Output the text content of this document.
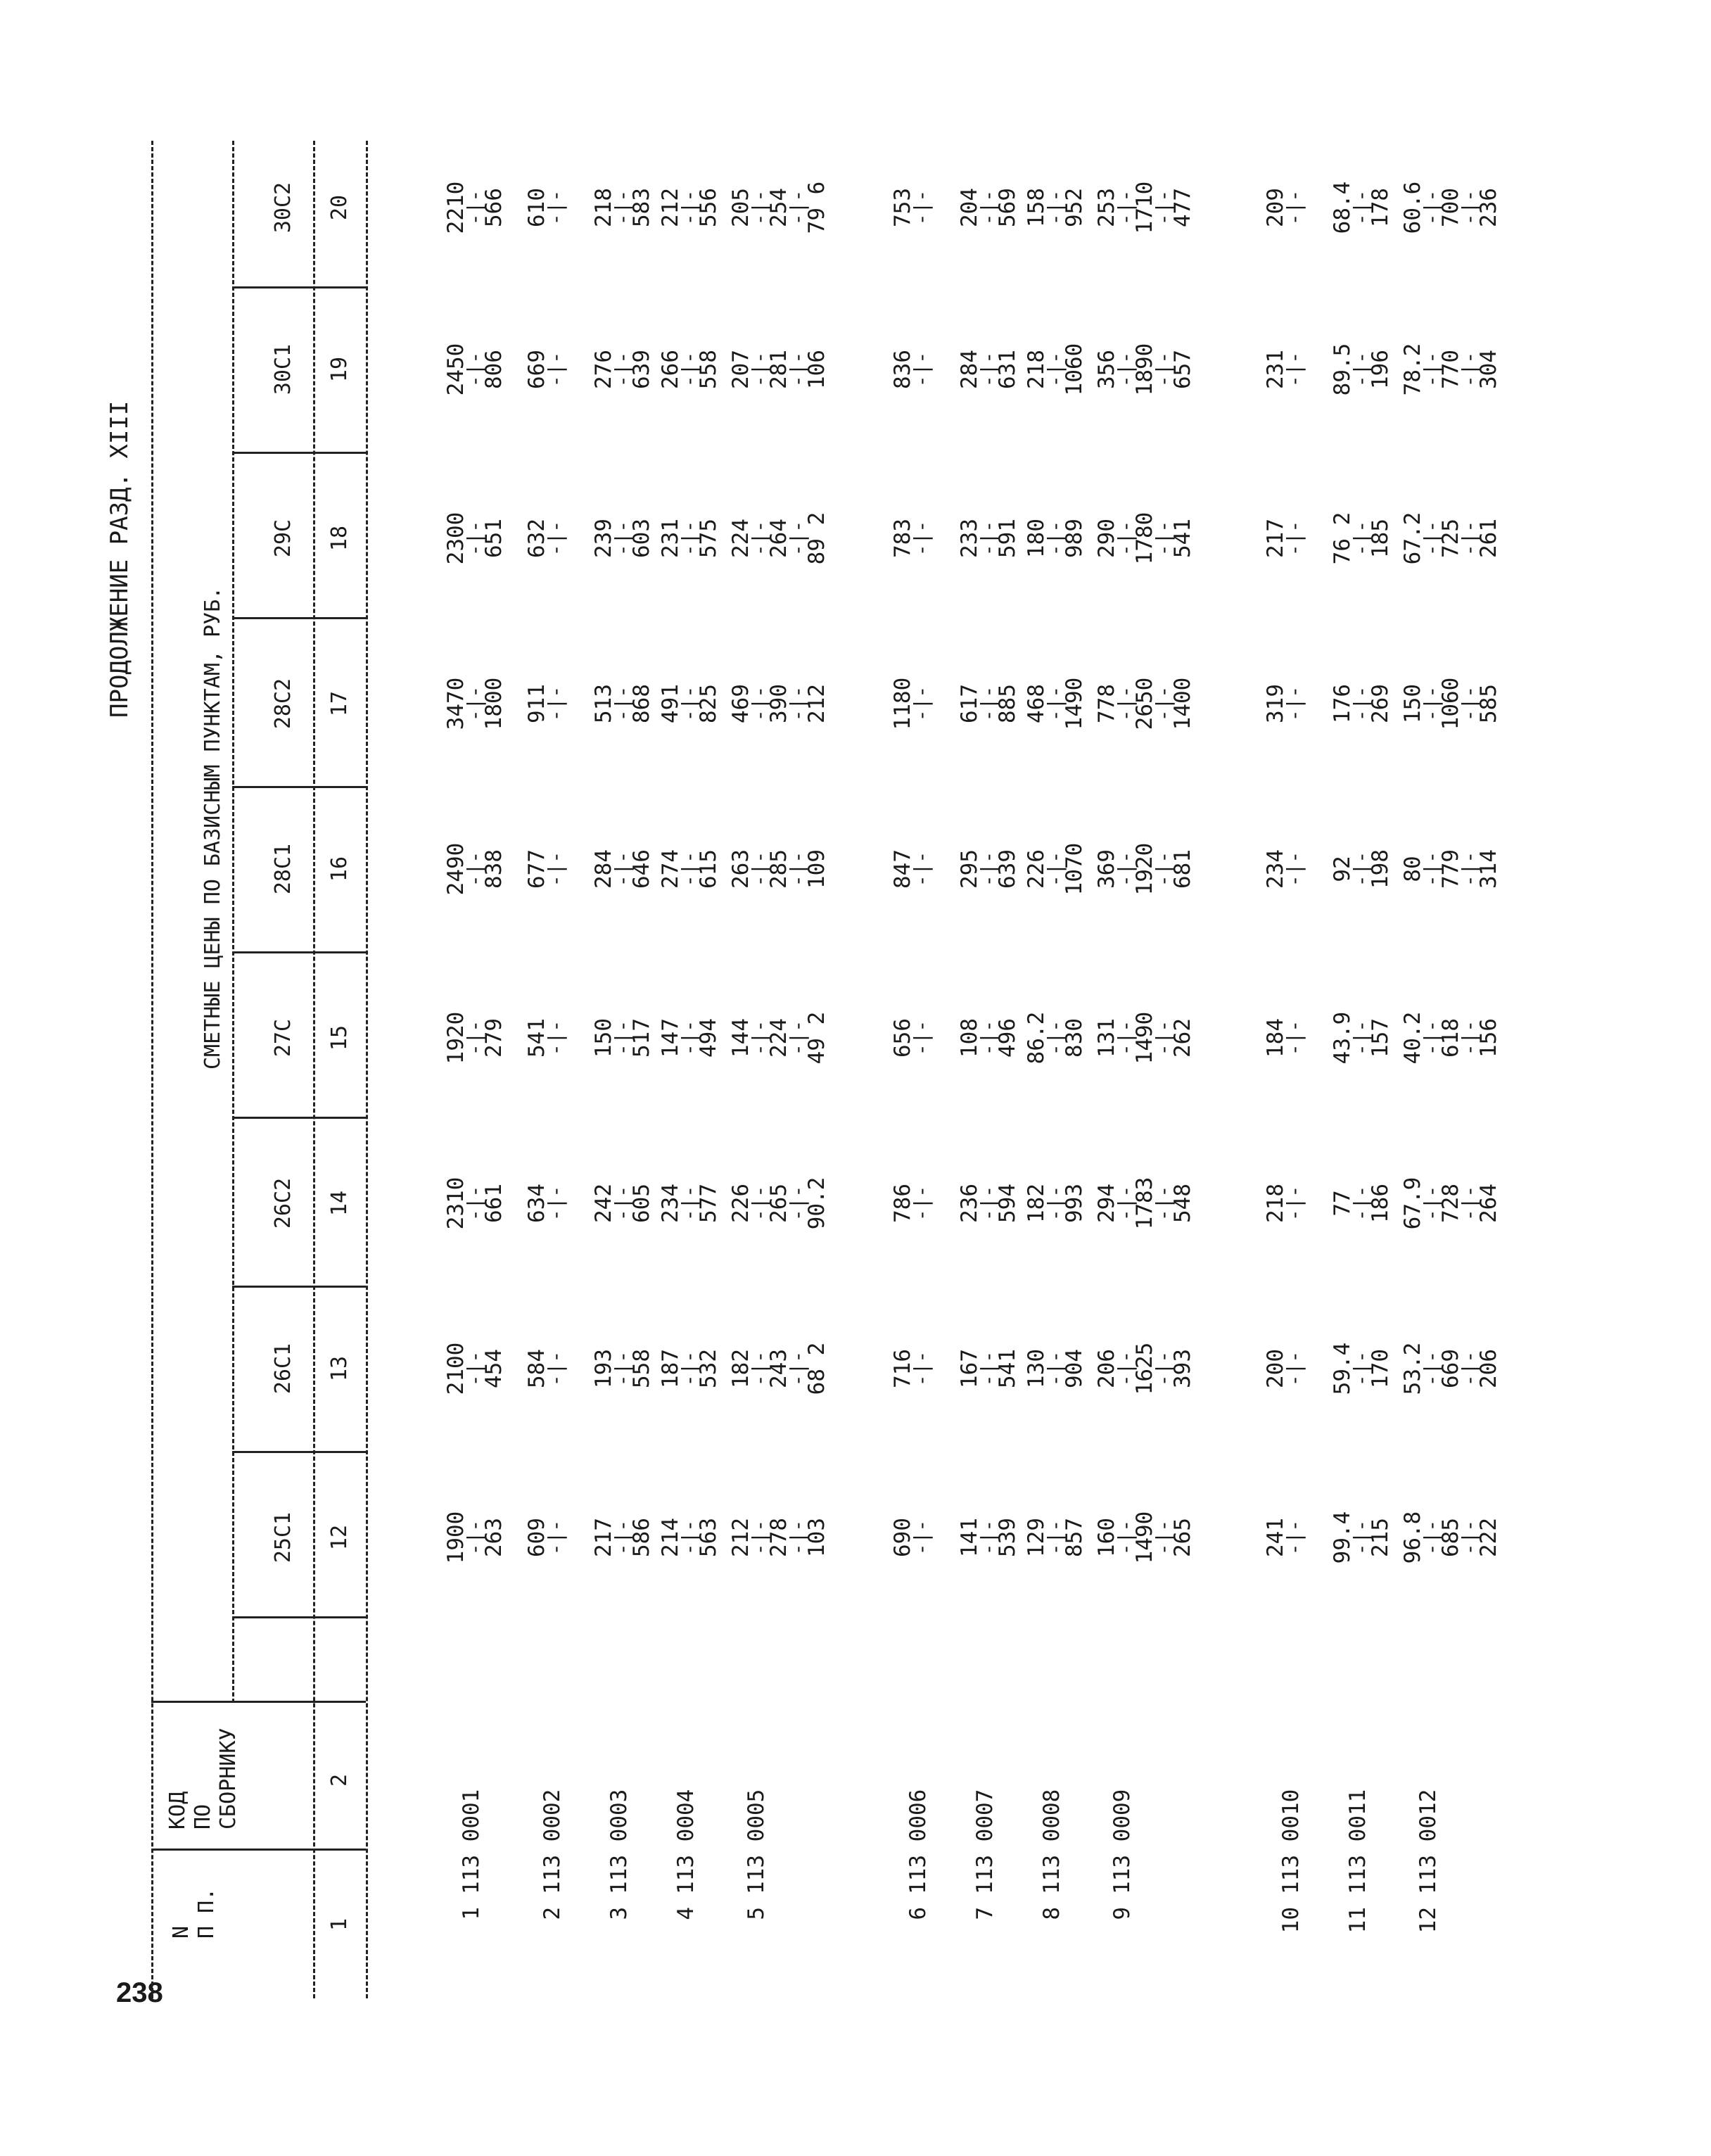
238
ПРОДОЛЖЕНИЕ РАЗД. XIII
N П П.
КОД ПО СБОРНИКУ
СМЕТНЫЕ ЦЕНЫ ПО БАЗИСНЫМ ПУНКТАМ, РУБ.
25С1
26С1
26С2
27С
28С1
28С2
29С
30С1
30С2
1
2
12
13
14
15
16
17
18
19
20
1113 0001
1900
-|-
263
2100
-|-
454
2310
-|-
661
1920
-|-
279
2490
-|-
838
3470
-|-
1800
2300
-|-
651
2450
-|-
806
2210
-|-
566
2113 0002
609
-|-
584
-|-
634
-|-
541
-|-
677
-|-
911
-|-
632
-|-
669
-|-
610
-|-
3113 0003
217
-|-
586
193
-|-
558
242
-|-
605
150
-|-
517
284
-|-
646
513
-|-
868
239
-|-
603
276
-|-
639
218
-|-
583
4113 0004
214
-|-
563
187
-|-
532
234
-|-
577
147
-|-
494
274
-|-
615
491
-|-
825
231
-|-
575
266
-|-
558
212
-|-
556
5113 0005
212
-|-
278
-|-
103
182
-|-
243
-|-
68 2
226
-|-
265
-|-
90.2
144
-|-
224
-|-
49 2
263
-|-
285
-|-
109
469
-|-
390
-|-
212
224
-|-
264
-|-
89 2
207
-|-
281
-|-
106
205
-|-
254
-|-
79 6
6113 0006
690
-|-
716
-|-
786
-|-
656
-|-
847
-|-
1180
-|-
783
-|-
836
-|-
753
-|-
7113 0007
141
-|-
539
167
-|-
541
236
-|-
594
108
-|-
496
295
-|-
639
617
-|-
885
233
-|-
591
284
-|-
631
204
-|-
569
8113 0008
129
-|-
857
130
-|-
904
182
-|-
993
86.2
-|-
830
226
-|-
1070
468
-|-
1490
180
-|-
989
218
-|-
1060
158
-|-
952
9113 0009
160
-|-
1490
-|-
265
206
-|-
1625
-|-
393
294
-|-
1783
-|-
548
131
-|-
1490
-|-
262
369
-|-
1920
-|-
681
778
-|-
2650
-|-
1400
290
-|-
1780
-|-
541
356
-|-
1890
-|-
657
253
-|-
1710
-|-
477
10113 0010
241
-|-
200
-|-
218
-|-
184
-|-
234
-|-
319
-|-
217
-|-
231
-|-
209
-|-
11113 0011
99.4
-|-
215
59.4
-|-
170
77
-|-
186
43.9
-|-
157
92
-|-
198
176
-|-
269
76 2
-|-
185
89.5
-|-
196
68.4
-|-
178
12113 0012
96.8
-|-
685
-|-
222
53.2
-|-
669
-|-
206
67.9
-|-
728
-|-
264
40.2
-|-
618
-|-
156
80
-|-
779
-|-
314
150
-|-
1060
-|-
585
67.2
-|-
725
-|-
261
78.2
-|-
770
-|-
304
60.6
-|-
700
-|-
236
